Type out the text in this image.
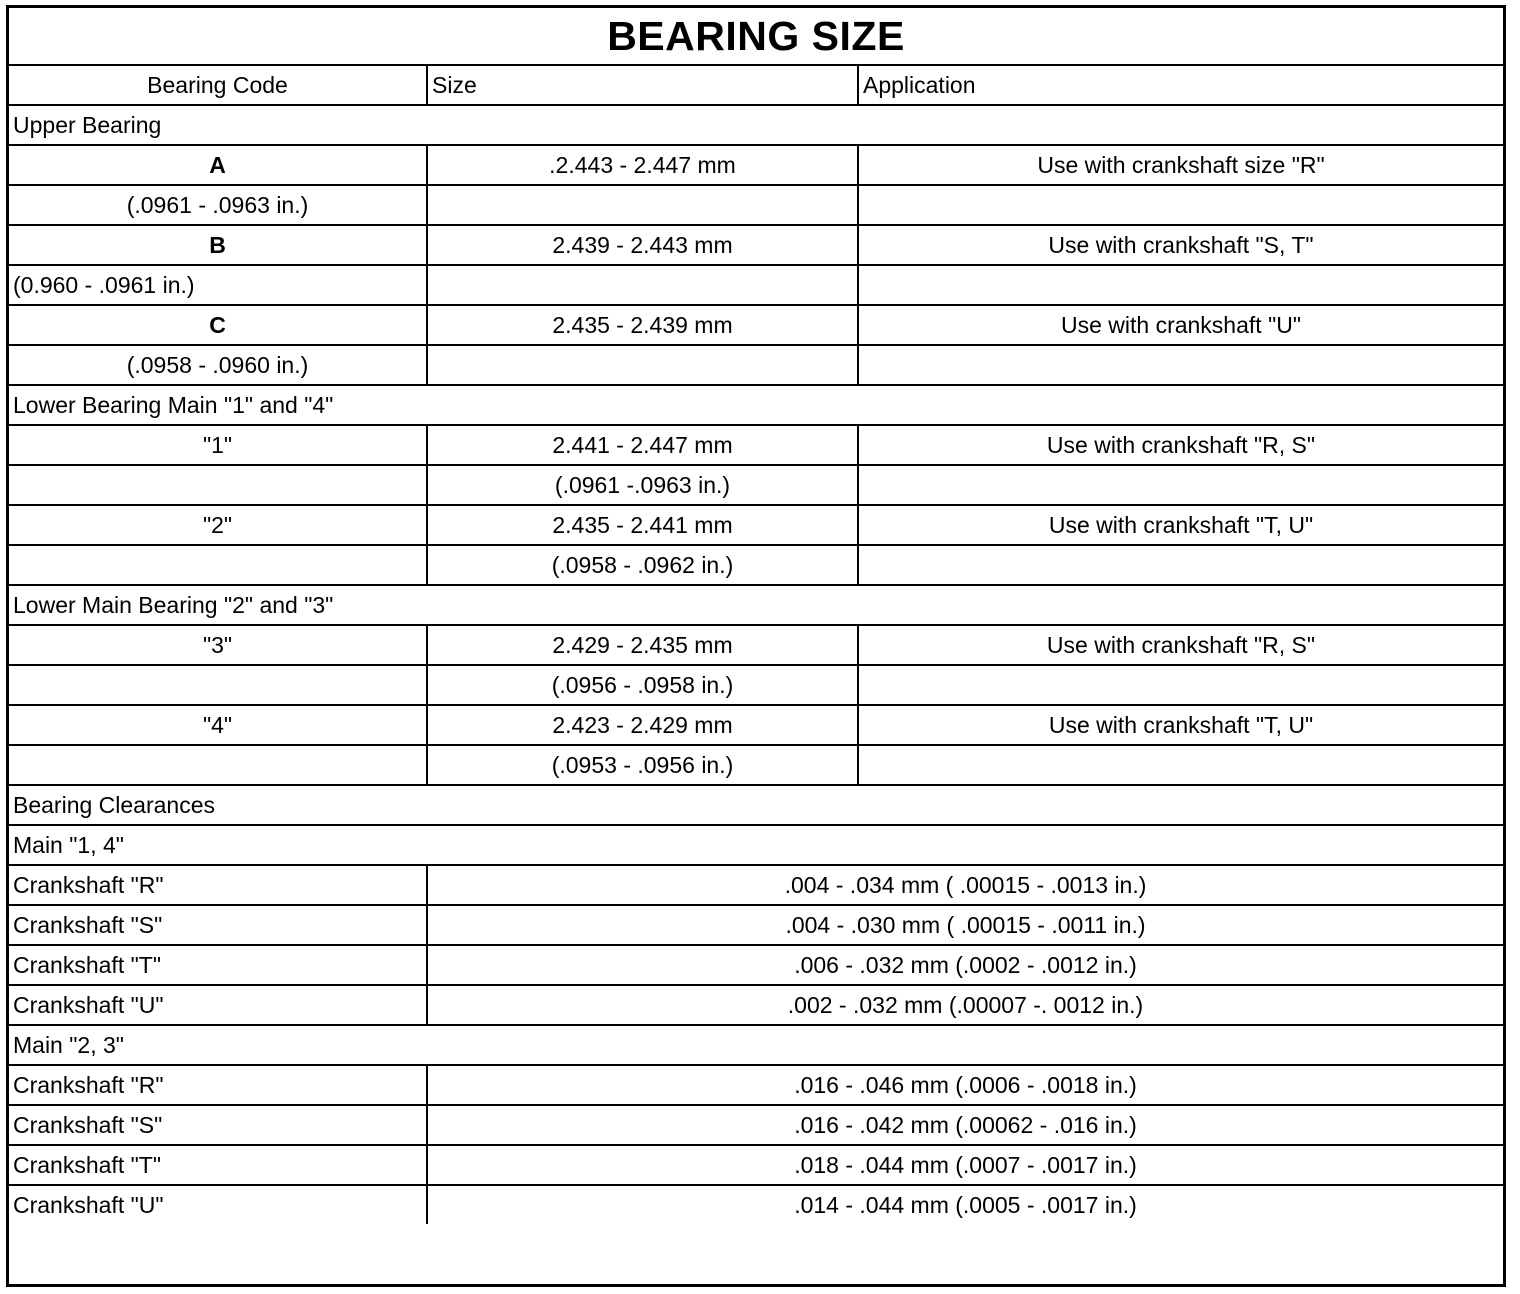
BEARING SIZE		
Bearing Code	Size	Application
Upper Bearing		
A	.2.443 - 2.447 mm	Use with crankshaft size "R"
(.0961 - .0963 in.)		
B	2.439 - 2.443 mm	Use with crankshaft "S, T"
(0.960 - .0961 in.)		
C	2.435 - 2.439 mm	Use with crankshaft "U"
(.0958 - .0960 in.)		
Lower Bearing Main "1" and "4"		
"1"	2.441 - 2.447 mm	Use with crankshaft "R, S"
	(.0961 -.0963 in.)	
"2"	2.435 - 2.441 mm	Use with crankshaft "T, U"
	(.0958 - .0962 in.)	
Lower Main Bearing "2" and "3"		
"3"	2.429 - 2.435 mm	Use with crankshaft "R, S"
	(.0956 - .0958 in.)	
"4"	2.423 - 2.429 mm	Use with crankshaft "T, U"
	(.0953 - .0956 in.)	
Bearing Clearances		
Main "1, 4"		
Crankshaft "R"	.004 - .034 mm ( .00015 - .0013 in.)	
Crankshaft "S"	.004 - .030 mm ( .00015 - .0011 in.)	
Crankshaft "T"	.006 - .032 mm (.0002 - .0012 in.)	
Crankshaft "U"	.002 - .032 mm (.00007 -. 0012 in.)	
Main "2, 3"		
Crankshaft "R"	.016 - .046 mm (.0006 - .0018 in.)	
Crankshaft "S"	.016 - .042 mm (.00062 - .016 in.)	
Crankshaft "T"	.018 - .044 mm (.0007 - .0017 in.)	
Crankshaft "U"	.014 - .044 mm (.0005 - .0017 in.)	
